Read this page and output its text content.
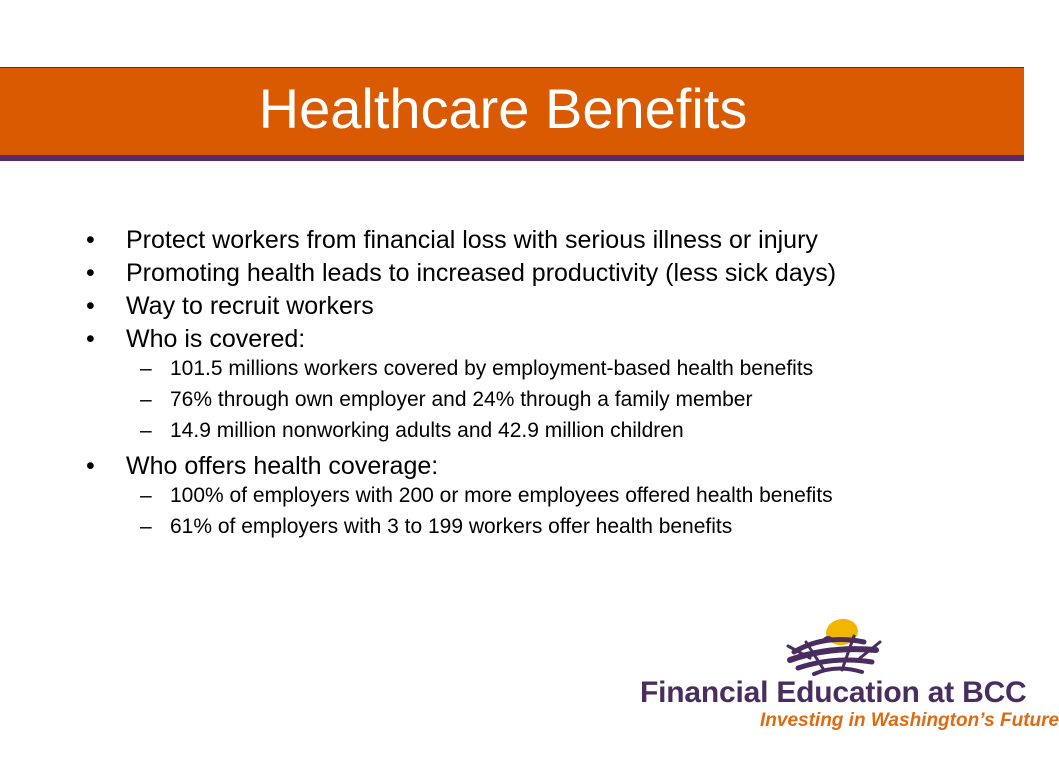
Healthcare Benefits
• Protect workers from financial loss with serious illness or injury
• Promoting health leads to increased productivity (less sick days)
• Way to recruit workers
• Who is covered:
– 101.5 millions workers covered by employment-based health benefits
– 76% through own employer and 24% through a family member
– 14.9 million nonworking adults and 42.9 million children
• Who offers health coverage:
– 100% of employers with 200 or more employees offered health benefits
– 61% of employers with 3 to 199 workers offer health benefits
Financial Education at BCC
Investing in Washington’s Future
